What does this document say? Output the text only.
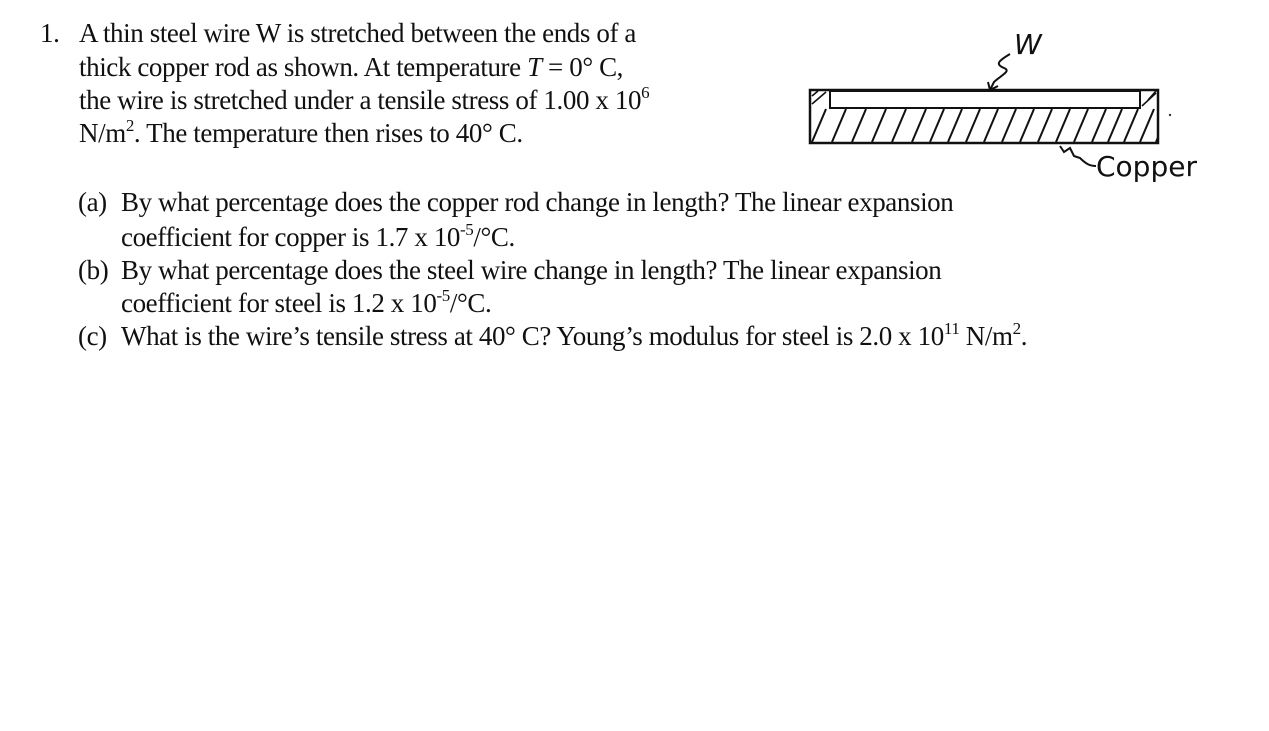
1. A thin steel wire W is stretched between the ends of a
thick copper rod as shown. At temperature T = 0° C,
the wire is stretched under a tensile stress of 1.00 x $10^6$
$N/m^2$. The temperature then rises to 40° C.
(a) By what percentage does the copper rod change in length? The linear expansion
coefficient for copper is 1.7 x $10^{-5}/^\circ C$.
(b) By what percentage does the steel wire change in length? The linear expansion
coefficient for steel is 1.2 x $10^{-5}/^\circ C$.
(c) What is the wire’s tensile stress at 40° C? Young’s modulus for steel is 2.0 x $10^{11}$ $N/m^2$.
W
Copper
